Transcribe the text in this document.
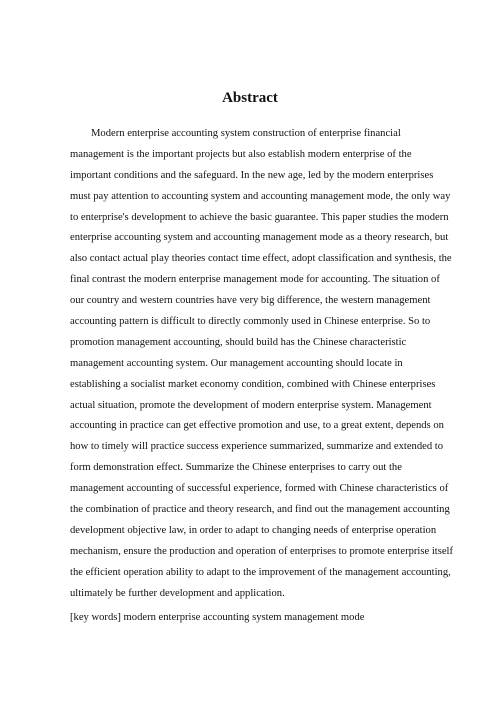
Abstract
Modern enterprise accounting system construction of enterprise financial
management is the important projects but also establish modern enterprise of the
important conditions and the safeguard. In the new age, led by the modern enterprises
must pay attention to accounting system and accounting management mode, the only way
to enterprise's development to achieve the basic guarantee. This paper studies the modern
enterprise accounting system and accounting management mode as a theory research, but
also contact actual play theories contact time effect, adopt classification and synthesis, the
final contrast the modern enterprise management mode for accounting. The situation of
our country and western countries have very big difference, the western management
accounting pattern is difficult to directly commonly used in Chinese enterprise. So to
promotion management accounting, should build has the Chinese characteristic
management accounting system. Our management accounting should locate in
establishing a socialist market economy condition, combined with Chinese enterprises
actual situation, promote the development of modern enterprise system. Management
accounting in practice can get effective promotion and use, to a great extent, depends on
how to timely will practice success experience summarized, summarize and extended to
form demonstration effect. Summarize the Chinese enterprises to carry out the
management accounting of successful experience, formed with Chinese characteristics of
the combination of practice and theory research, and find out the management accounting
development objective law, in order to adapt to changing needs of enterprise operation
mechanism, ensure the production and operation of enterprises to promote enterprise itself
the efficient operation ability to adapt to the improvement of the management accounting,
ultimately be further development and application.

[key words] modern enterprise accounting system management mode
